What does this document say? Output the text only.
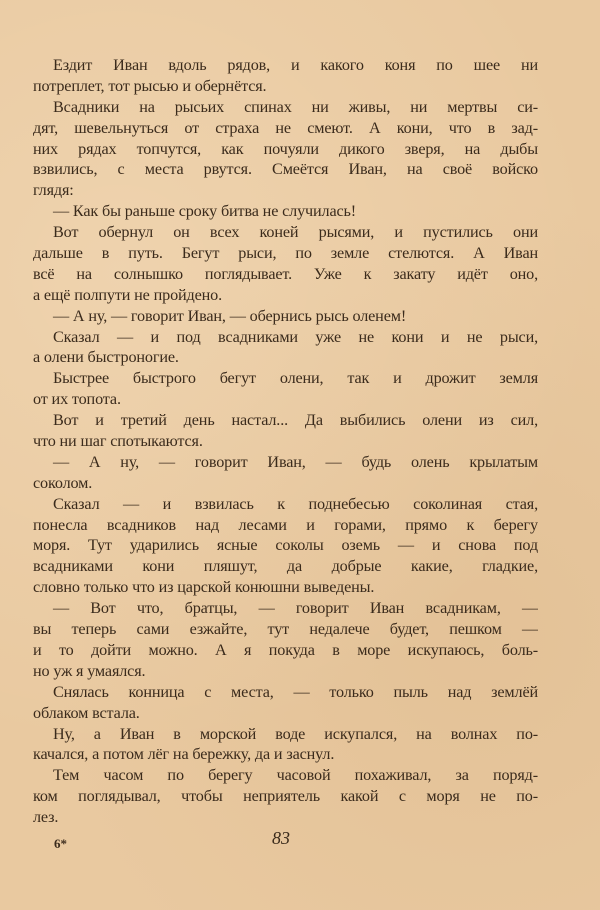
Ездит Иван вдоль рядов, и какого коня по шее ни
потреплет, тот рысью и обернётся.
Всадники на рысьих спинах ни живы, ни мертвы си-
дят, шевельнуться от страха не смеют. А кони, что в зад-
них рядах топчутся, как почуяли дикого зверя, на дыбы
взвились, с места рвутся. Смеётся Иван, на своё войско
глядя:
— Как бы раньше сроку битва не случилась!
Вот обернул он всех коней рысями, и пустились они
дальше в путь. Бегут рыси, по земле стелются. А Иван
всё на солнышко поглядывает. Уже к закату идёт оно,
а ещё полпути не пройдено.
— А ну, — говорит Иван, — обернись рысь оленем!
Сказал — и под всадниками уже не кони и не рыси,
а олени быстроногие.
Быстрее быстрого бегут олени, так и дрожит земля
от их топота.
Вот и третий день настал... Да выбились олени из сил,
что ни шаг спотыкаются.
— А ну, — говорит Иван, — будь олень крылатым
соколом.
Сказал — и взвилась к поднебесью соколиная стая,
понесла всадников над лесами и горами, прямо к берегу
моря. Тут ударились ясные соколы оземь — и снова под
всадниками кони пляшут, да добрые какие, гладкие,
словно только что из царской конюшни выведены.
— Вот что, братцы, — говорит Иван всадникам, —
вы теперь сами езжайте, тут недалече будет, пешком —
и то дойти можно. А я покуда в море искупаюсь, боль-
но уж я умаялся.
Снялась конница с места, — только пыль над землёй
облаком встала.
Ну, а Иван в морской воде искупался, на волнах по-
качался, а потом лёг на бережку, да и заснул.
Тем часом по берегу часовой похаживал, за поряд-
ком поглядывал, чтобы неприятель какой с моря не по-
лез.
6*	83
